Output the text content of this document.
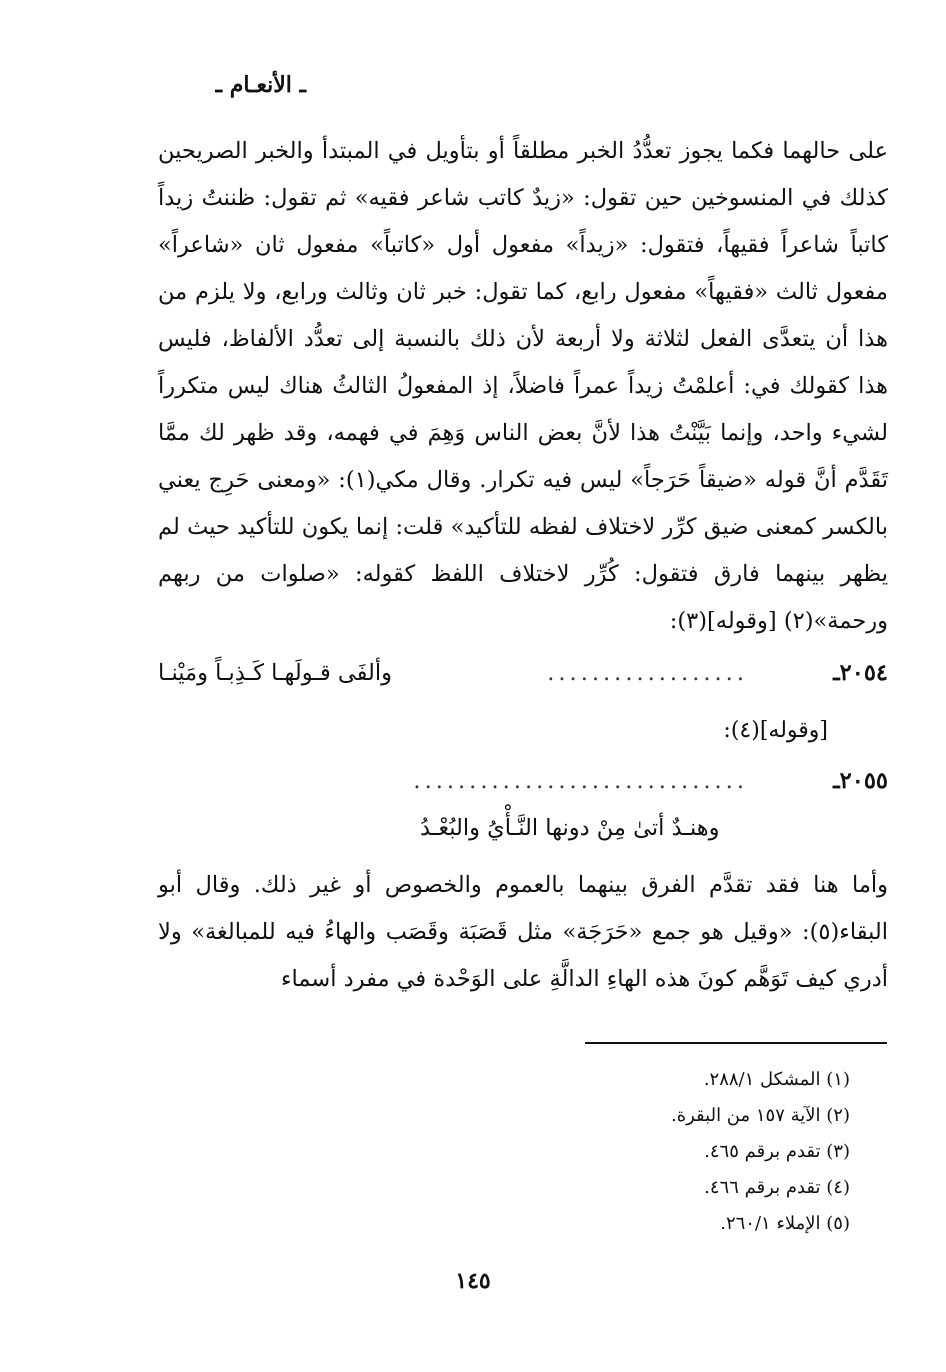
ـ الأنعـام ـ

على حالهما فكما يجوز تعدُّدُ الخبر مطلقاً أو بتأويل في المبتدأ والخبر الصريحين كذلك في المنسوخين حين تقول: «زيدٌ كاتب شاعر فقيه» ثم تقول: ظننتُ زيداً كاتباً شاعراً فقيهاً، فتقول: «زيداً» مفعول أول «كاتباً» مفعول ثان «شاعراً» مفعول ثالث «فقيهاً» مفعول رابع، كما تقول: خبر ثان وثالث ورابع، ولا يلزم من هذا أن يتعدَّى الفعل لثلاثة ولا أربعة لأن ذلك بالنسبة إلى تعدُّد الألفاظ، فليس هذا كقولك في: أعلمْتُ زيداً عمراً فاضلاً، إذ المفعولُ الثالثُ هناك ليس متكرراً لشيء واحد، وإنما بَيَّنْتُ هذا لأنَّ بعض الناس وَهِمَ في فهمه، وقد ظهر لك ممَّا تَقَدَّم أنَّ قوله «ضيقاً حَرَجاً» ليس فيه تكرار. وقال مكي(١): «ومعنى حَرِج يعني بالكسر كمعنى ضيق كرِّر لاختلاف لفظه للتأكيد» قلت: إنما يكون للتأكيد حيث لم يظهر بينهما فارق فتقول: كُرِّر لاختلاف اللفظ كقوله: «صلوات من ربهم ورحمة»(٢) [وقوله](٣):

٢٠٥٤ـ
..................
وألفَى قـولَهـا كَـذِبـاً ومَيْنـا
[وقوله](٤):
٢٠٥٥ـ
..............................
وهنـدٌ أتىٰ مِنْ دونها النَّـأْيُ والبُعْـدُ

وأما هنا فقد تقدَّم الفرق بينهما بالعموم والخصوص أو غير ذلك. وقال أبو البقاء(٥): «وقيل هو جمع «حَرَجَة» مثل قَصَبَة وقَصَب والهاءُ فيه للمبالغة» ولا أدري كيف تَوَهَّم كونَ هذه الهاءِ الدالَّةِ على الوَحْدة في مفرد أسماء

(١) المشكل ٢٨٨/١.
(٢) الآية ١٥٧ من البقرة.
(٣) تقدم برقم ٤٦٥.
(٤) تقدم برقم ٤٦٦.
(٥) الإملاء ٢٦٠/١.
١٤٥
